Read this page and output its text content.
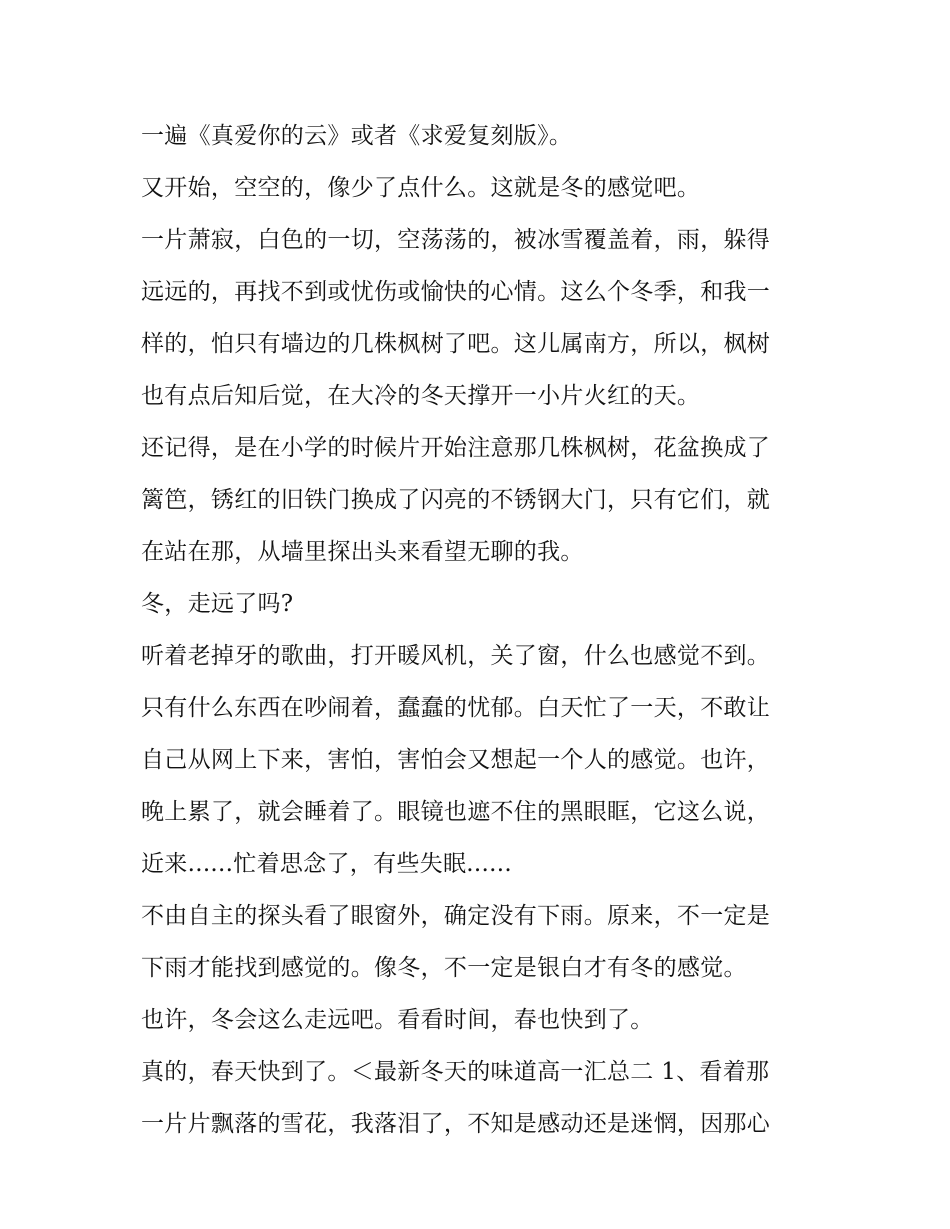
一遍《真爱你的云》或者《求爱复刻版》。
又开始，空空的，像少了点什么。这就是冬的感觉吧。
一片萧寂，白色的一切，空荡荡的，被冰雪覆盖着，雨，躲得
远远的，再找不到或忧伤或愉快的心情。这么个冬季，和我一
样的，怕只有墙边的几株枫树了吧。这儿属南方，所以，枫树
也有点后知后觉，在大冷的冬天撑开一小片火红的天。
还记得，是在小学的时候片开始注意那几株枫树，花盆换成了
篱笆，锈红的旧铁门换成了闪亮的不锈钢大门，只有它们，就
在站在那，从墙里探出头来看望无聊的我。
冬，走远了吗?
听着老掉牙的歌曲，打开暖风机，关了窗，什么也感觉不到。
只有什么东西在吵闹着，蠢蠢的忧郁。白天忙了一天，不敢让
自己从网上下来，害怕，害怕会又想起一个人的感觉。也许，
晚上累了，就会睡着了。眼镜也遮不住的黑眼眶，它这么说，
近来......忙着思念了，有些失眠......
不由自主的探头看了眼窗外，确定没有下雨。原来，不一定是
下雨才能找到感觉的。像冬，不一定是银白才有冬的感觉。
也许，冬会这么走远吧。看看时间，春也快到了。
真的，春天快到了。＜最新冬天的味道高一汇总二 1、看着那
一片片飘落的雪花，我落泪了，不知是感动还是迷惘，因那心
